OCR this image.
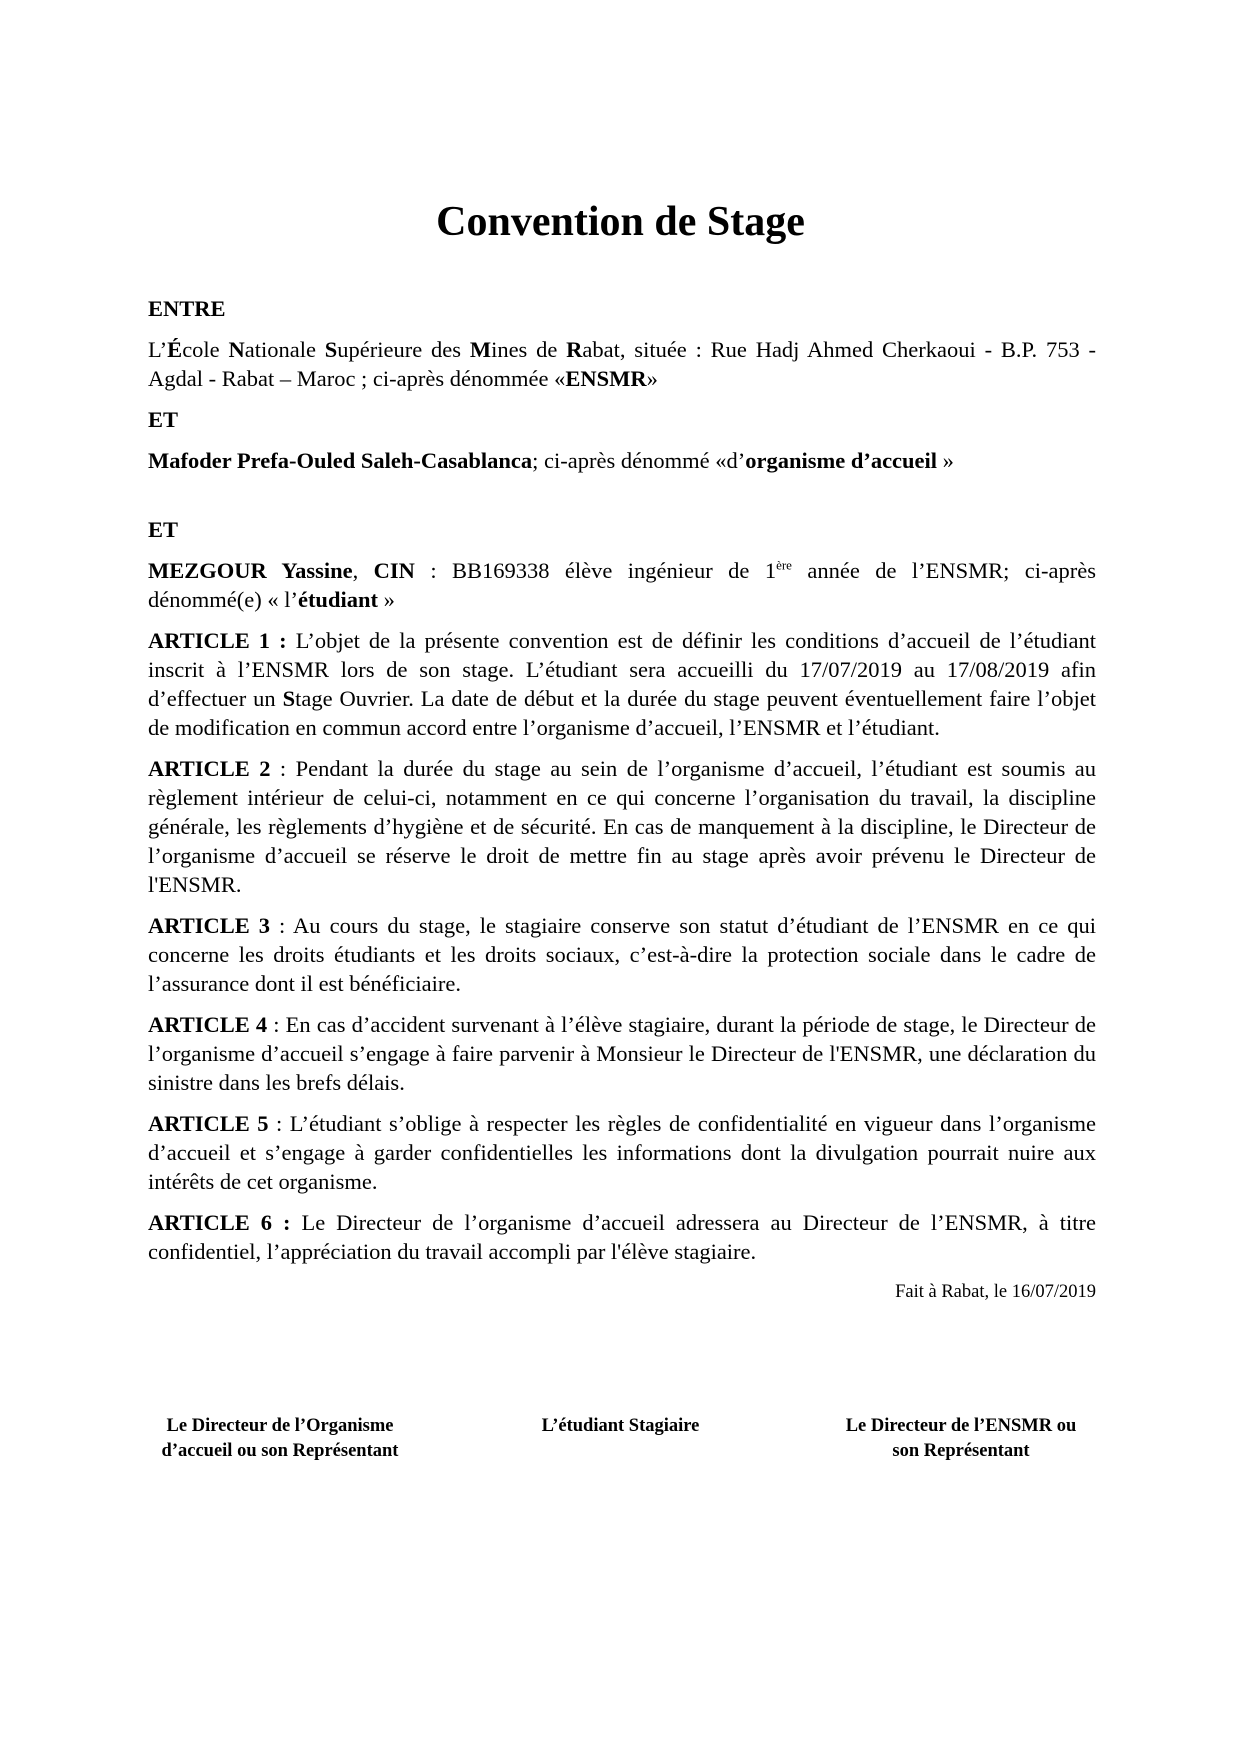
Convention de Stage
ENTRE

L’École Nationale Supérieure des Mines de Rabat, située : Rue Hadj Ahmed Cherkaoui - B.P. 753 - Agdal - Rabat – Maroc ; ci-après dénommée «ENSMR»

ET

Mafoder Prefa-Ouled Saleh-Casablanca; ci-après dénommé «d’organisme d’accueil »

ET

MEZGOUR Yassine, CIN : BB169338 élève ingénieur de 1ère année de l’ENSMR; ci-après dénommé(e) « l’étudiant »

ARTICLE 1 : L’objet de la présente convention est de définir les conditions d’accueil de l’étudiant inscrit à l’ENSMR lors de son stage. L’étudiant sera accueilli du 17/07/2019 au 17/08/2019 afin d’effectuer un Stage Ouvrier. La date de début et la durée du stage peuvent éventuellement faire l’objet de modification en commun accord entre l’organisme d’accueil, l’ENSMR et l’étudiant.

ARTICLE 2 : Pendant la durée du stage au sein de l’organisme d’accueil, l’étudiant est soumis au règlement intérieur de celui-ci, notamment en ce qui concerne l’organisation du travail, la discipline générale, les règlements d’hygiène et de sécurité. En cas de manquement à la discipline, le Directeur de l’organisme d’accueil se réserve le droit de mettre fin au stage après avoir prévenu le Directeur de l'ENSMR.

ARTICLE 3 : Au cours du stage, le stagiaire conserve son statut d’étudiant de l’ENSMR en ce qui concerne les droits étudiants et les droits sociaux, c’est-à-dire la protection sociale dans le cadre de l’assurance dont il est bénéficiaire.

ARTICLE 4 : En cas d’accident survenant à l’élève stagiaire, durant la période de stage, le Directeur de l’organisme d’accueil s’engage à faire parvenir à Monsieur le Directeur de l'ENSMR, une déclaration du sinistre dans les brefs délais.

ARTICLE 5 : L’étudiant s’oblige à respecter les règles de confidentialité en vigueur dans l’organisme d’accueil et s’engage à garder confidentielles les informations dont la divulgation pourrait nuire aux intérêts de cet organisme.

ARTICLE 6 : Le Directeur de l’organisme d’accueil adressera au Directeur de l’ENSMR, à titre confidentiel, l’appréciation du travail accompli par l'élève stagiaire.

Fait à Rabat, le 16/07/2019
Le Directeur de l’Organisme
d’accueil ou son Représentant
L’étudiant Stagiaire	Le Directeur de l’ENSMR ou
son Représentant
